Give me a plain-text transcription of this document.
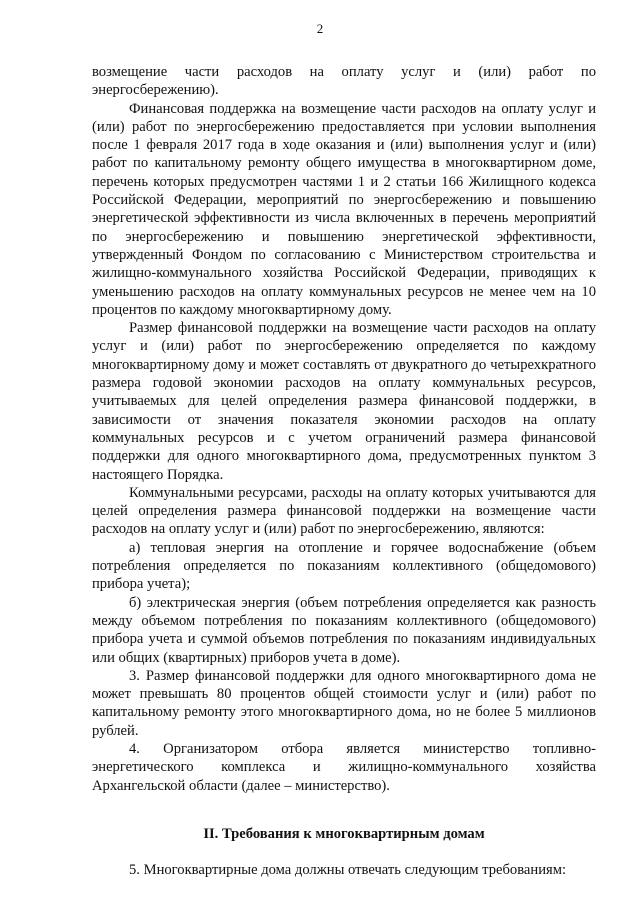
2

возмещение части расходов на оплату услуг и (или) работ по энергосбережению).

Финансовая поддержка на возмещение части расходов на оплату услуг и (или) работ по энергосбережению предоставляется при условии выполнения после 1 февраля 2017 года в ходе оказания и (или) выполнения услуг и (или) работ по капитальному ремонту общего имущества в многоквартирном доме, перечень которых предусмотрен частями 1 и 2 статьи 166 Жилищного кодекса Российской Федерации, мероприятий по энергосбережению и повышению энергетической эффективности из числа включенных в перечень мероприятий по энергосбережению и повышению энергетической эффективности, утвержденный Фондом по согласованию с Министерством строительства и жилищно-коммунального хозяйства Российской Федерации, приводящих к уменьшению расходов на оплату коммунальных ресурсов не менее чем на 10 процентов по каждому многоквартирному дому.

Размер финансовой поддержки на возмещение части расходов на оплату услуг и (или) работ по энергосбережению определяется по каждому многоквартирному дому и может составлять от двукратного до четырехкратного размера годовой экономии расходов на оплату коммунальных ресурсов, учитываемых для целей определения размера финансовой поддержки, в зависимости от значения показателя экономии расходов на оплату коммунальных ресурсов и с учетом ограничений размера финансовой поддержки для одного многоквартирного дома, предусмотренных пунктом 3 настоящего Порядка.

Коммунальными ресурсами, расходы на оплату которых учитываются для целей определения размера финансовой поддержки на возмещение части расходов на оплату услуг и (или) работ по энергосбережению, являются:

а) тепловая энергия на отопление и горячее водоснабжение (объем потребления определяется по показаниям коллективного (общедомового) прибора учета);

б) электрическая энергия (объем потребления определяется как разность между объемом потребления по показаниям коллективного (общедомового) прибора учета и суммой объемов потребления по показаниям индивидуальных или общих (квартирных) приборов учета в доме).

3. Размер финансовой поддержки для одного многоквартирного дома не может превышать 80 процентов общей стоимости услуг и (или) работ по капитальному ремонту этого многоквартирного дома, но не более 5 миллионов рублей.

4. Организатором отбора является министерство топливно-энергетического комплекса и жилищно-коммунального хозяйства Архангельской области (далее – министерство).

II. Требования к многоквартирным домам

5. Многоквартирные дома должны отвечать следующим требованиям:
